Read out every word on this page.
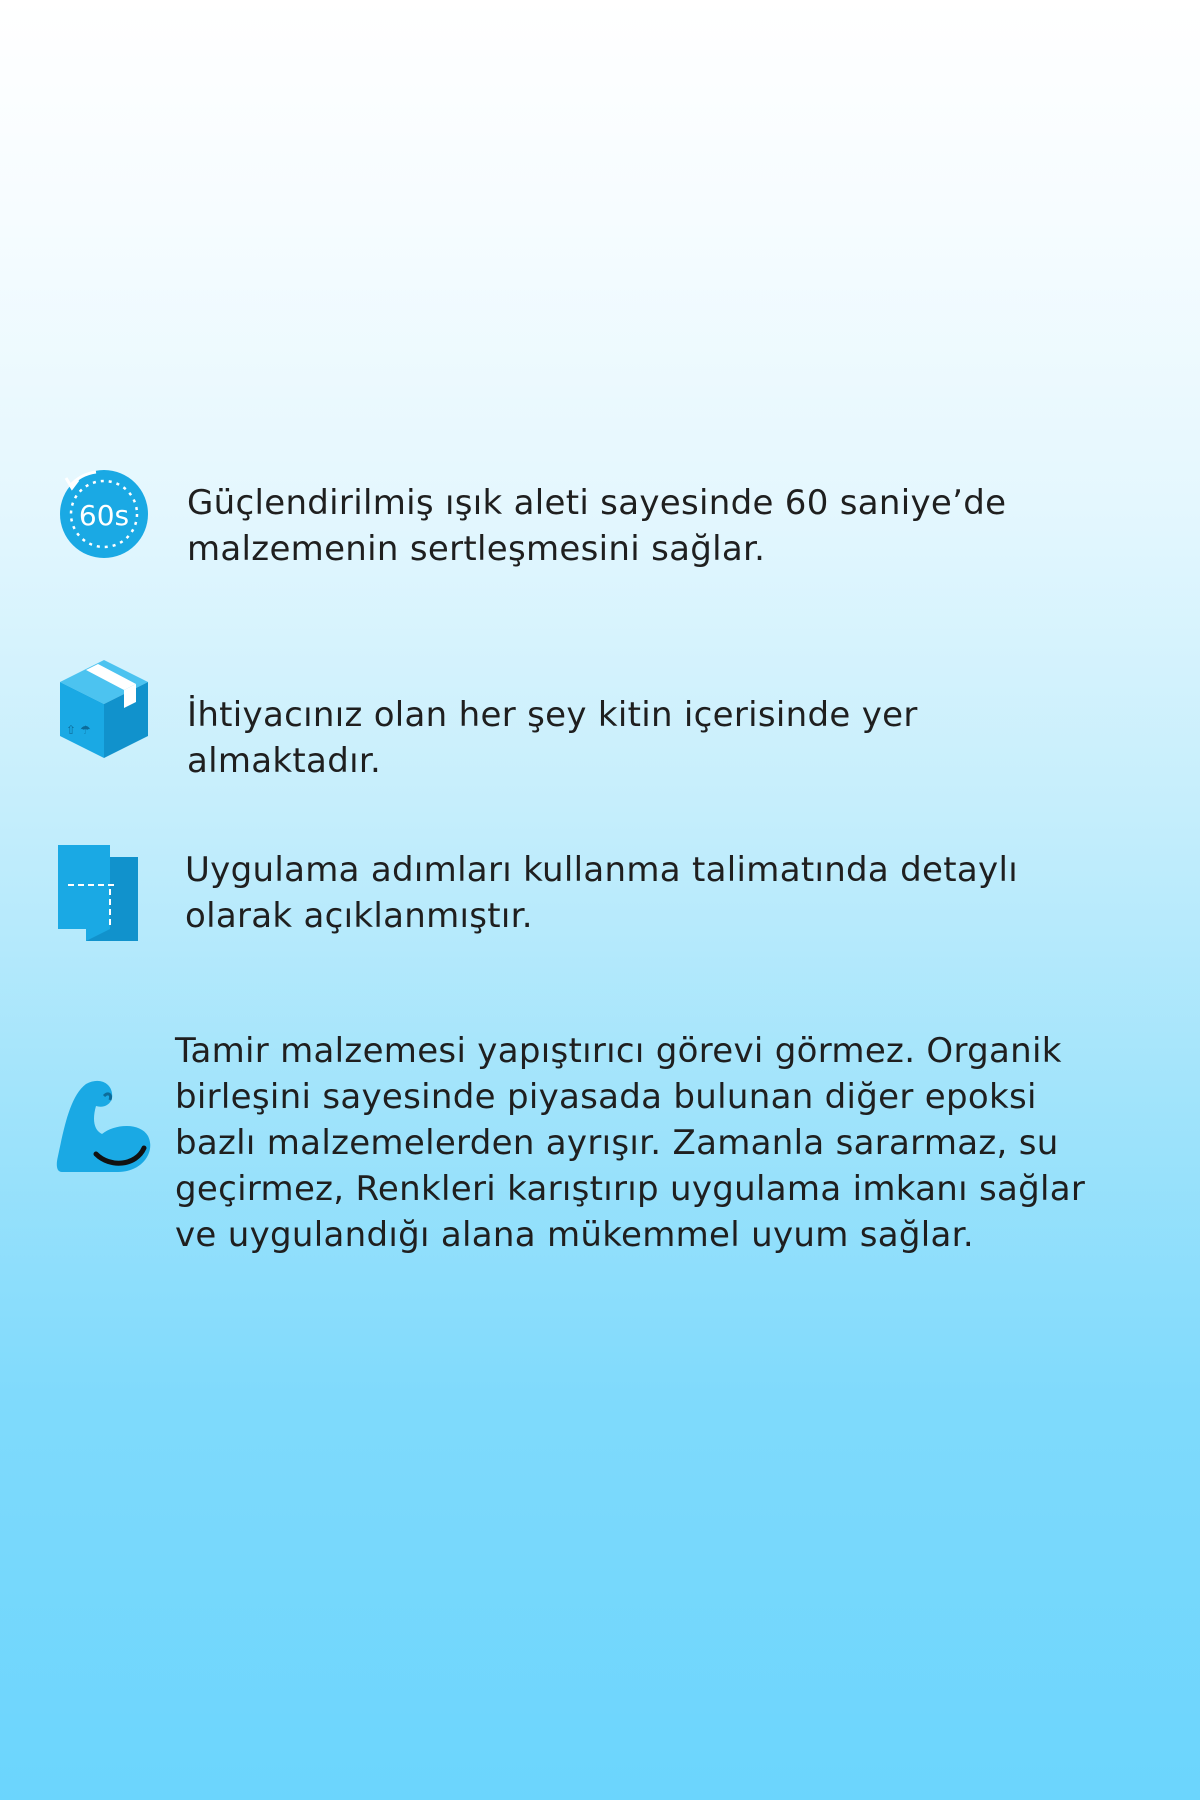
60s Güçlendirilmiş ışık aleti sayesinde 60 saniye’de
malzemenin sertleşmesini sağlar.

⇧ ☂	İhtiyacınız olan her şey kitin içerisinde yer
almaktadır.

Uygulama adımları kullanma talimatında detaylı
olarak açıklanmıştır.

Tamir malzemesi yapıştırıcı görevi görmez. Organik
birleşini sayesinde piyasada bulunan diğer epoksi
bazlı malzemelerden ayrışır. Zamanla sararmaz, su
geçirmez, Renkleri karıştırıp uygulama imkanı sağlar
ve uygulandığı alana mükemmel uyum sağlar.
